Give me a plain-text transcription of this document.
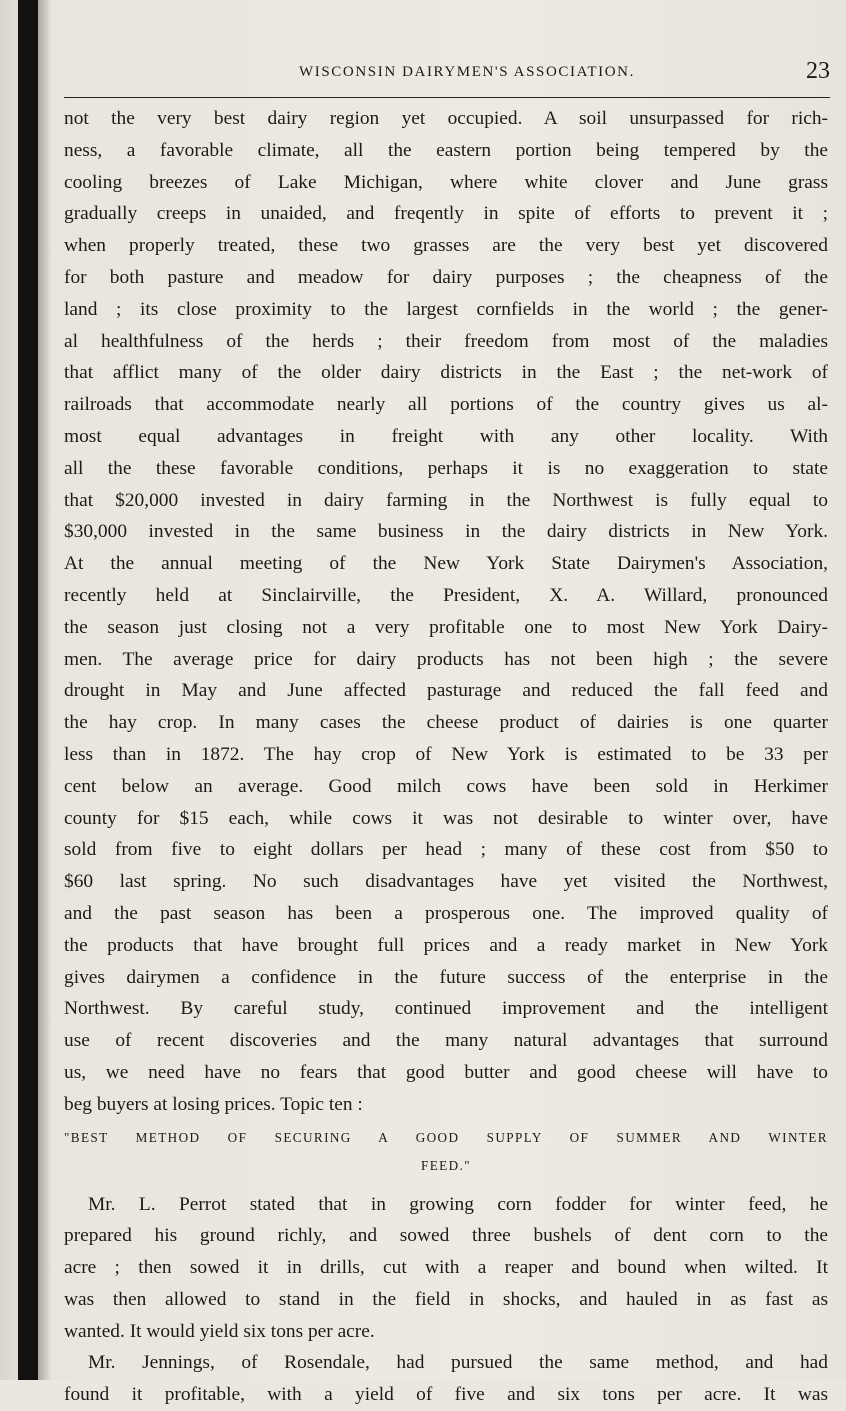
WISCONSIN DAIRYMEN'S ASSOCIATION.	23
not the very best dairy region yet occupied. A soil unsurpassed for rich-
ness, a favorable climate, all the eastern portion being tempered by the
cooling breezes of Lake Michigan, where white clover and June grass
gradually creeps in unaided, and freqently in spite of efforts to prevent it ;
when properly treated, these two grasses are the very best yet discovered
for both pasture and meadow for dairy purposes ; the cheapness of the
land ; its close proximity to the largest cornfields in the world ; the gener-
al healthfulness of the herds ; their freedom from most of the maladies
that afflict many of the older dairy districts in the East ; the net-work of
railroads that accommodate nearly all portions of the country gives us al-
most equal advantages in freight with any other locality. With
all the these favorable conditions, perhaps it is no exaggeration to state
that $20,000 invested in dairy farming in the Northwest is fully equal to
$30,000 invested in the same business in the dairy districts in New York.
At the annual meeting of the New York State Dairymen's Association,
recently held at Sinclairville, the President, X. A. Willard, pronounced
the season just closing not a very profitable one to most New York Dairy-
men. The average price for dairy products has not been high ; the severe
drought in May and June affected pasturage and reduced the fall feed and
the hay crop. In many cases the cheese product of dairies is one quarter
less than in 1872. The hay crop of New York is estimated to be 33 per
cent below an average. Good milch cows have been sold in Herkimer
county for $15 each, while cows it was not desirable to winter over, have
sold from five to eight dollars per head ; many of these cost from $50 to
$60 last spring. No such disadvantages have yet visited the Northwest,
and the past season has been a prosperous one. The improved quality of
the products that have brought full prices and a ready market in New York
gives dairymen a confidence in the future success of the enterprise in the
Northwest. By careful study, continued improvement and the intelligent
use of recent discoveries and the many natural advantages that surround
us, we need have no fears that good butter and good cheese will have to
beg buyers at losing prices. Topic ten :
"BEST METHOD OF SECURING A GOOD SUPPLY OF SUMMER AND WINTER
FEED."
Mr. L. Perrot stated that in growing corn fodder for winter feed, he
prepared his ground richly, and sowed three bushels of dent corn to the
acre ; then sowed it in drills, cut with a reaper and bound when wilted. It
was then allowed to stand in the field in shocks, and hauled in as fast as
wanted. It would yield six tons per acre.
Mr. Jennings, of Rosendale, had pursued the same method, and had
found it profitable, with a yield of five and six tons per acre. It was
